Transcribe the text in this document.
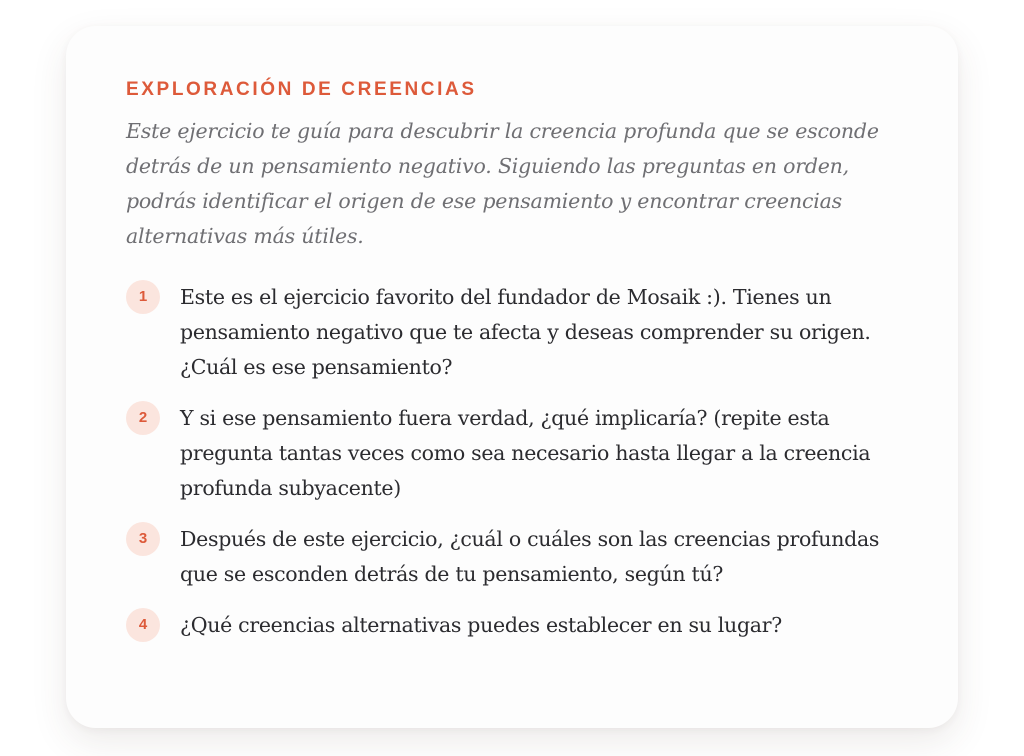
EXPLORACIÓN DE CREENCIAS

Este ejercicio te guía para descubrir la creencia profunda que se esconde detrás de un pensamiento negativo. Siguiendo las preguntas en orden, podrás identificar el origen de ese pensamiento y encontrar creencias alternativas más útiles.

1	Este es el ejercicio favorito del fundador de Mosaik :). Tienes un pensamiento negativo que te afecta y deseas comprender su origen. ¿Cuál es ese pensamiento?
2	Y si ese pensamiento fuera verdad, ¿qué implicaría? (repite esta pregunta tantas veces como sea necesario hasta llegar a la creencia profunda subyacente)
3	Después de este ejercicio, ¿cuál o cuáles son las creencias profundas que se esconden detrás de tu pensamiento, según tú?
4	¿Qué creencias alternativas puedes establecer en su lugar?
